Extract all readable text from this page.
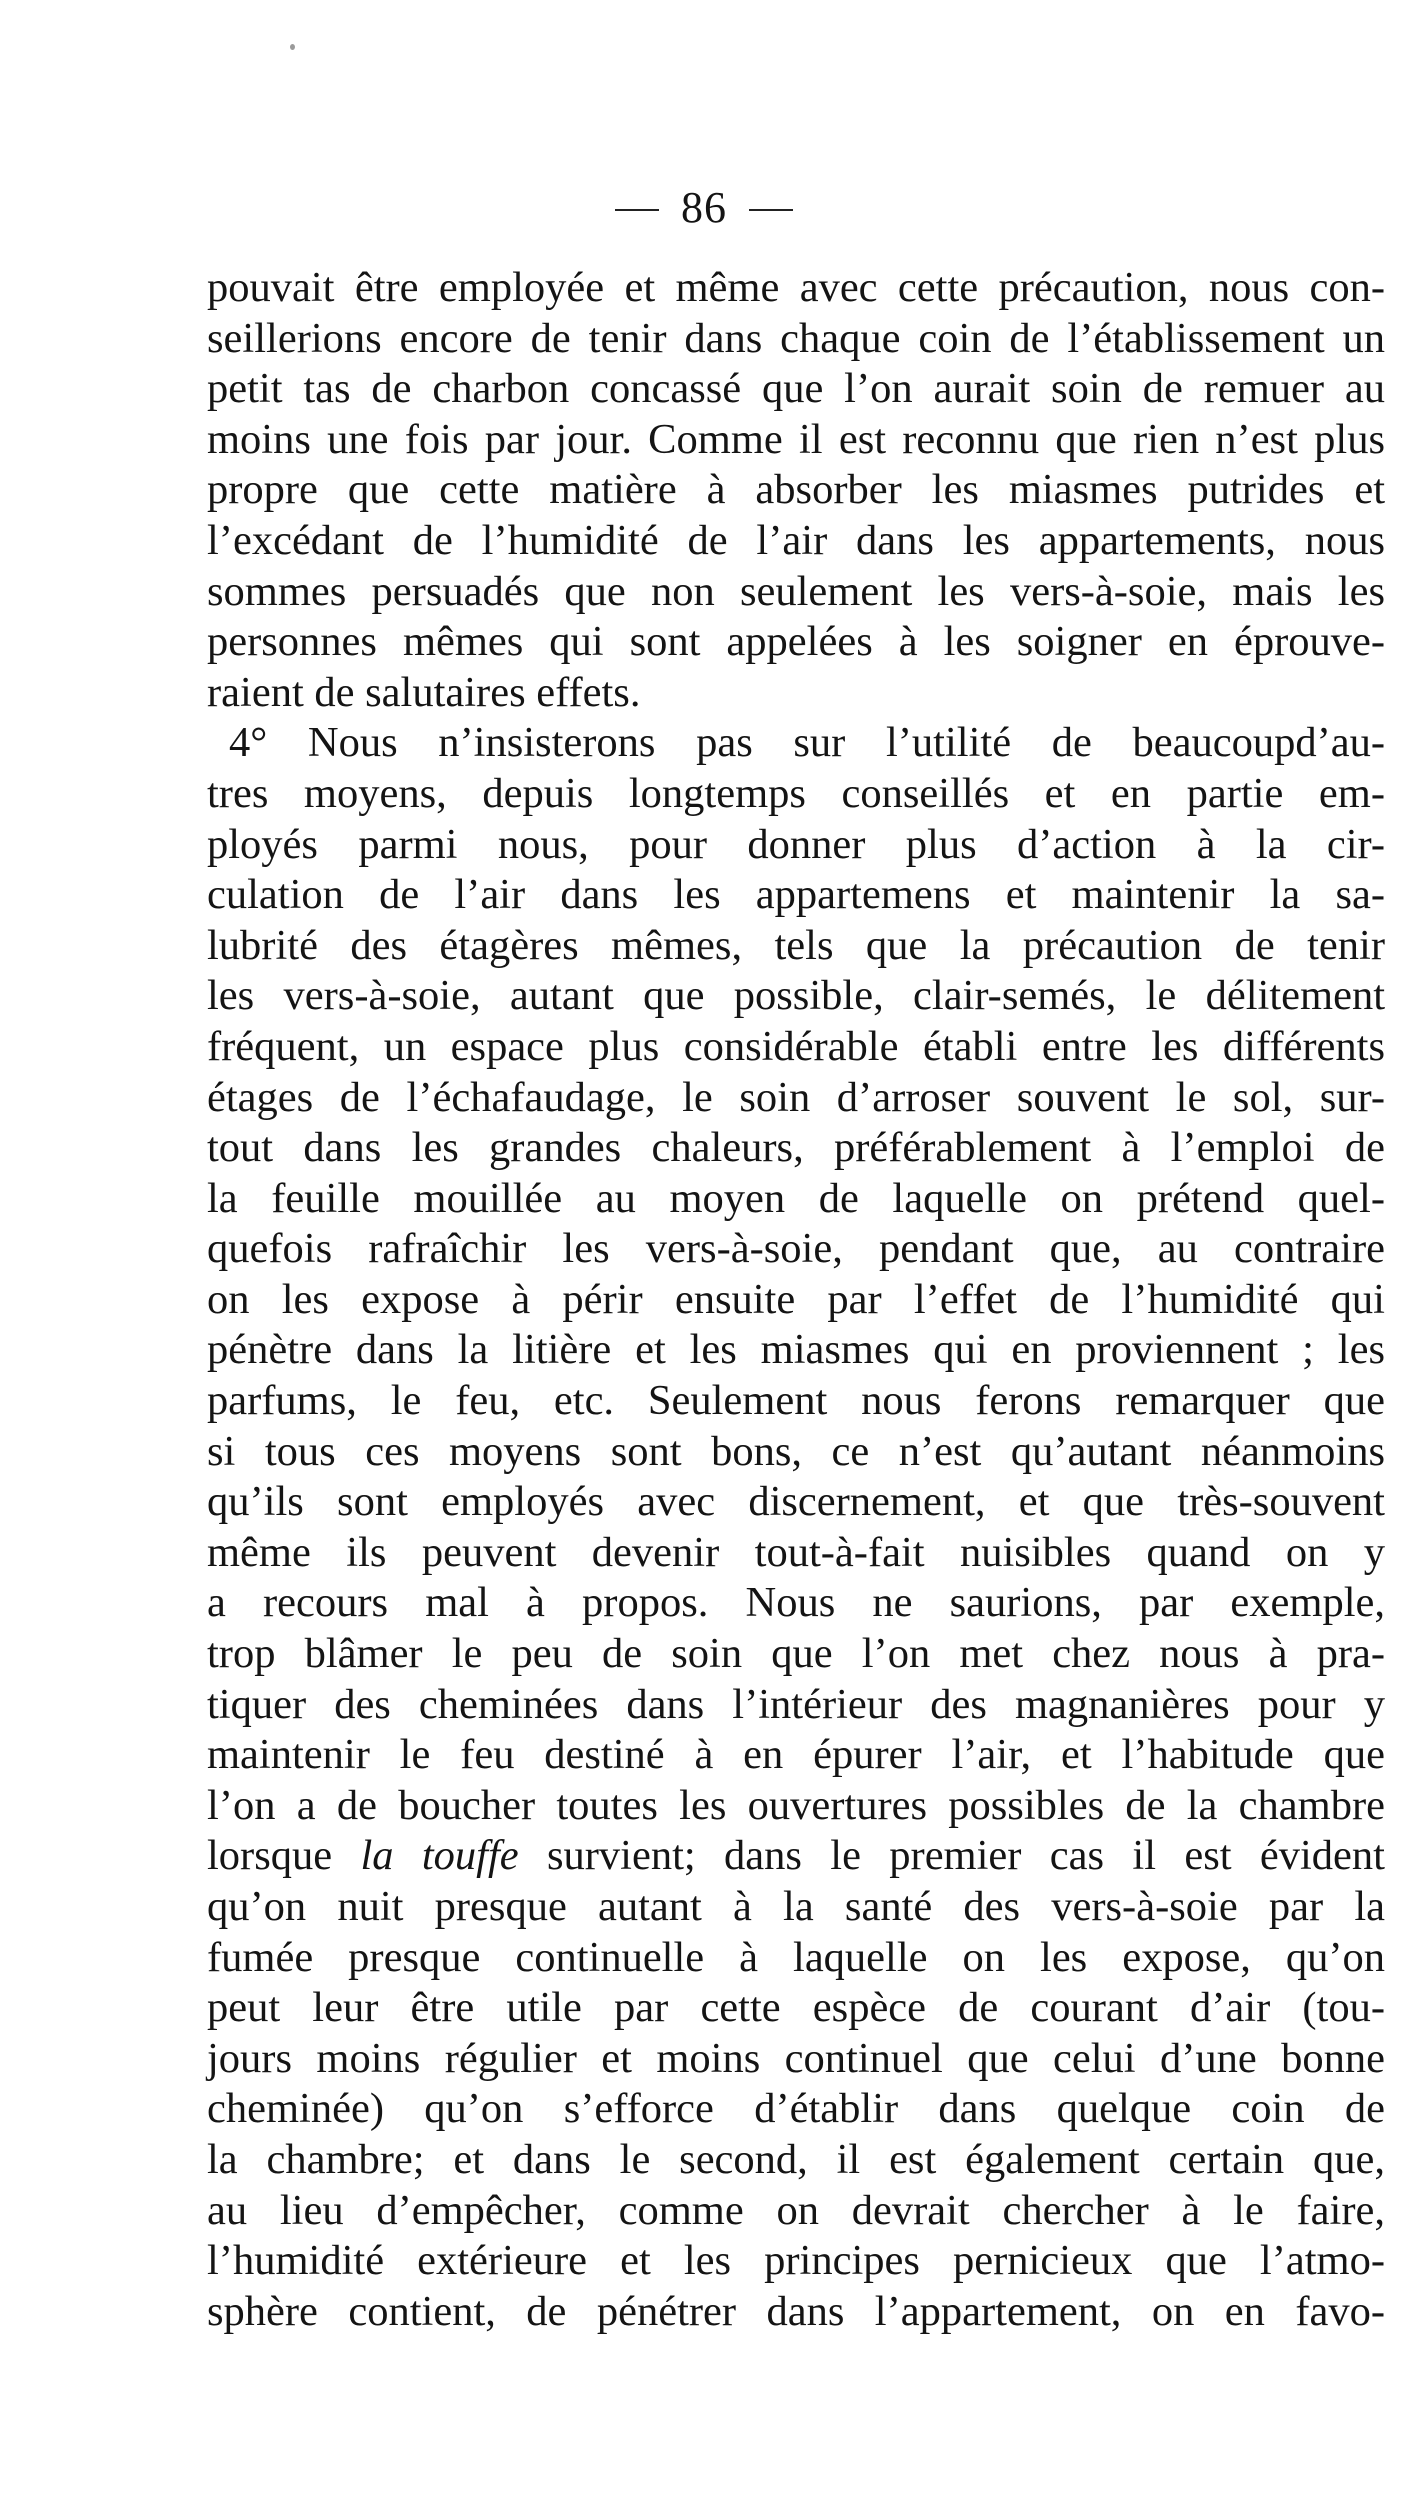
86
pouvait être employée et même avec cette précaution, nous con-
seillerions encore de tenir dans chaque coin de l’établissement un
petit tas de charbon concassé que l’on aurait soin de remuer au
moins une fois par jour. Comme il est reconnu que rien n’est plus
propre que cette matière à absorber les miasmes putrides et
l’excédant de l’humidité de l’air dans les appartements, nous
sommes persuadés que non seulement les vers-à-soie, mais les
personnes mêmes qui sont appelées à les soigner en éprouve-
raient de salutaires effets.
4° Nous n’insisterons pas sur l’utilité de beaucoupd’au-
tres moyens, depuis longtemps conseillés et en partie em-
ployés parmi nous, pour donner plus d’action à la cir-
culation de l’air dans les appartemens et maintenir la sa-
lubrité des étagères mêmes, tels que la précaution de tenir
les vers-à-soie, autant que possible, clair-semés, le délitement
fréquent, un espace plus considérable établi entre les différents
étages de l’échafaudage, le soin d’arroser souvent le sol, sur-
tout dans les grandes chaleurs, préférablement à l’emploi de
la feuille mouillée au moyen de laquelle on prétend quel-
quefois rafraîchir les vers-à-soie, pendant que, au contraire
on les expose à périr ensuite par l’effet de l’humidité qui
pénètre dans la litière et les miasmes qui en proviennent ; les
parfums, le feu, etc. Seulement nous ferons remarquer que
si tous ces moyens sont bons, ce n’est qu’autant néanmoins
qu’ils sont employés avec discernement, et que très-souvent
même ils peuvent devenir tout-à-fait nuisibles quand on y
a recours mal à propos. Nous ne saurions, par exemple,
trop blâmer le peu de soin que l’on met chez nous à pra-
tiquer des cheminées dans l’intérieur des magnanières pour y
maintenir le feu destiné à en épurer l’air, et l’habitude que
l’on a de boucher toutes les ouvertures possibles de la chambre
lorsque la touffe survient; dans le premier cas il est évident
qu’on nuit presque autant à la santé des vers-à-soie par la
fumée presque continuelle à laquelle on les expose, qu’on
peut leur être utile par cette espèce de courant d’air (tou-
jours moins régulier et moins continuel que celui d’une bonne
cheminée) qu’on s’efforce d’établir dans quelque coin de
la chambre; et dans le second, il est également certain que,
au lieu d’empêcher, comme on devrait chercher à le faire,
l’humidité extérieure et les principes pernicieux que l’atmo-
sphère contient, de pénétrer dans l’appartement, on en favo-
